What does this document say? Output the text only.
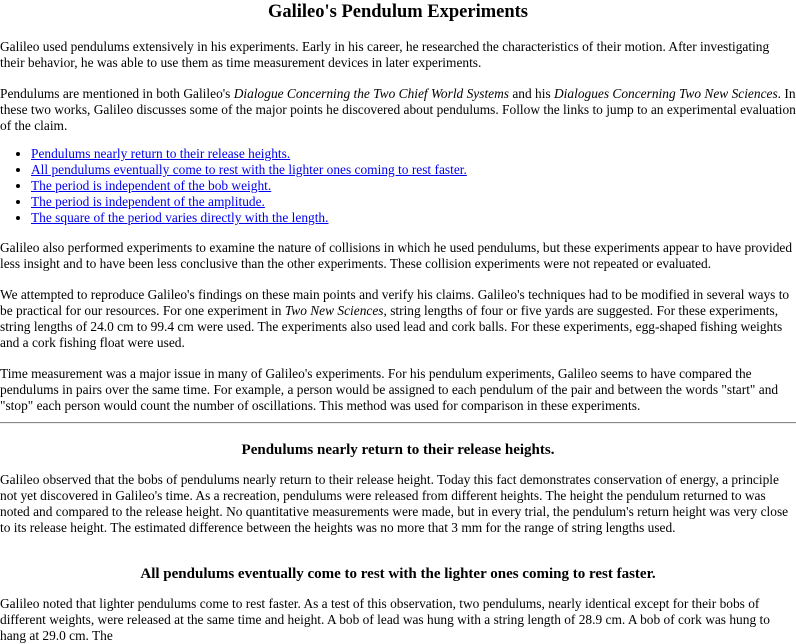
Galileo's Pendulum Experiments

Galileo used pendulums extensively in his experiments. Early in his career, he researched the characteristics of their motion. After investigating their behavior, he was able to use them as time measurement devices in later experiments.

Pendulums are mentioned in both Galileo's Dialogue Concerning the Two Chief World Systems and his Dialogues Concerning Two New Sciences. In these two works, Galileo discusses some of the major points he discovered about pendulums. Follow the links to jump to an experimental evaluation of the claim.

• Pendulums nearly return to their release heights.
• All pendulums eventually come to rest with the lighter ones coming to rest faster.
• The period is independent of the bob weight.
• The period is independent of the amplitude.
• The square of the period varies directly with the length.

Galileo also performed experiments to examine the nature of collisions in which he used pendulums, but these experiments appear to have provided less insight and to have been less conclusive than the other experiments. These collision experiments were not repeated or evaluated.

We attempted to reproduce Galileo's findings on these main points and verify his claims. Galileo's techniques had to be modified in several ways to be practical for our resources. For one experiment in Two New Sciences, string lengths of four or five yards are suggested. For these experiments, string lengths of 24.0 cm to 99.4 cm were used. The experiments also used lead and cork balls. For these experiments, egg-shaped fishing weights and a cork fishing float were used.

Time measurement was a major issue in many of Galileo's experiments. For his pendulum experiments, Galileo seems to have compared the pendulums in pairs over the same time. For example, a person would be assigned to each pendulum of the pair and between the words "start" and "stop" each person would count the number of oscillations. This method was used for comparison in these experiments.

Pendulums nearly return to their release heights.

Galileo observed that the bobs of pendulums nearly return to their release height. Today this fact demonstrates conservation of energy, a principle not yet discovered in Galileo's time. As a recreation, pendulums were released from different heights. The height the pendulum returned to was noted and compared to the release height. No quantitative measurements were made, but in every trial, the pendulum's return height was very close to its release height. The estimated difference between the heights was no more that 3 mm for the range of string lengths used.

All pendulums eventually come to rest with the lighter ones coming to rest faster.

Galileo noted that lighter pendulums come to rest faster. As a test of this observation, two pendulums, nearly identical except for their bobs of different weights, were released at the same time and height. A bob of lead was hung with a string length of 28.9 cm. A bob of cork was hung to hang at 29.0 cm. The
